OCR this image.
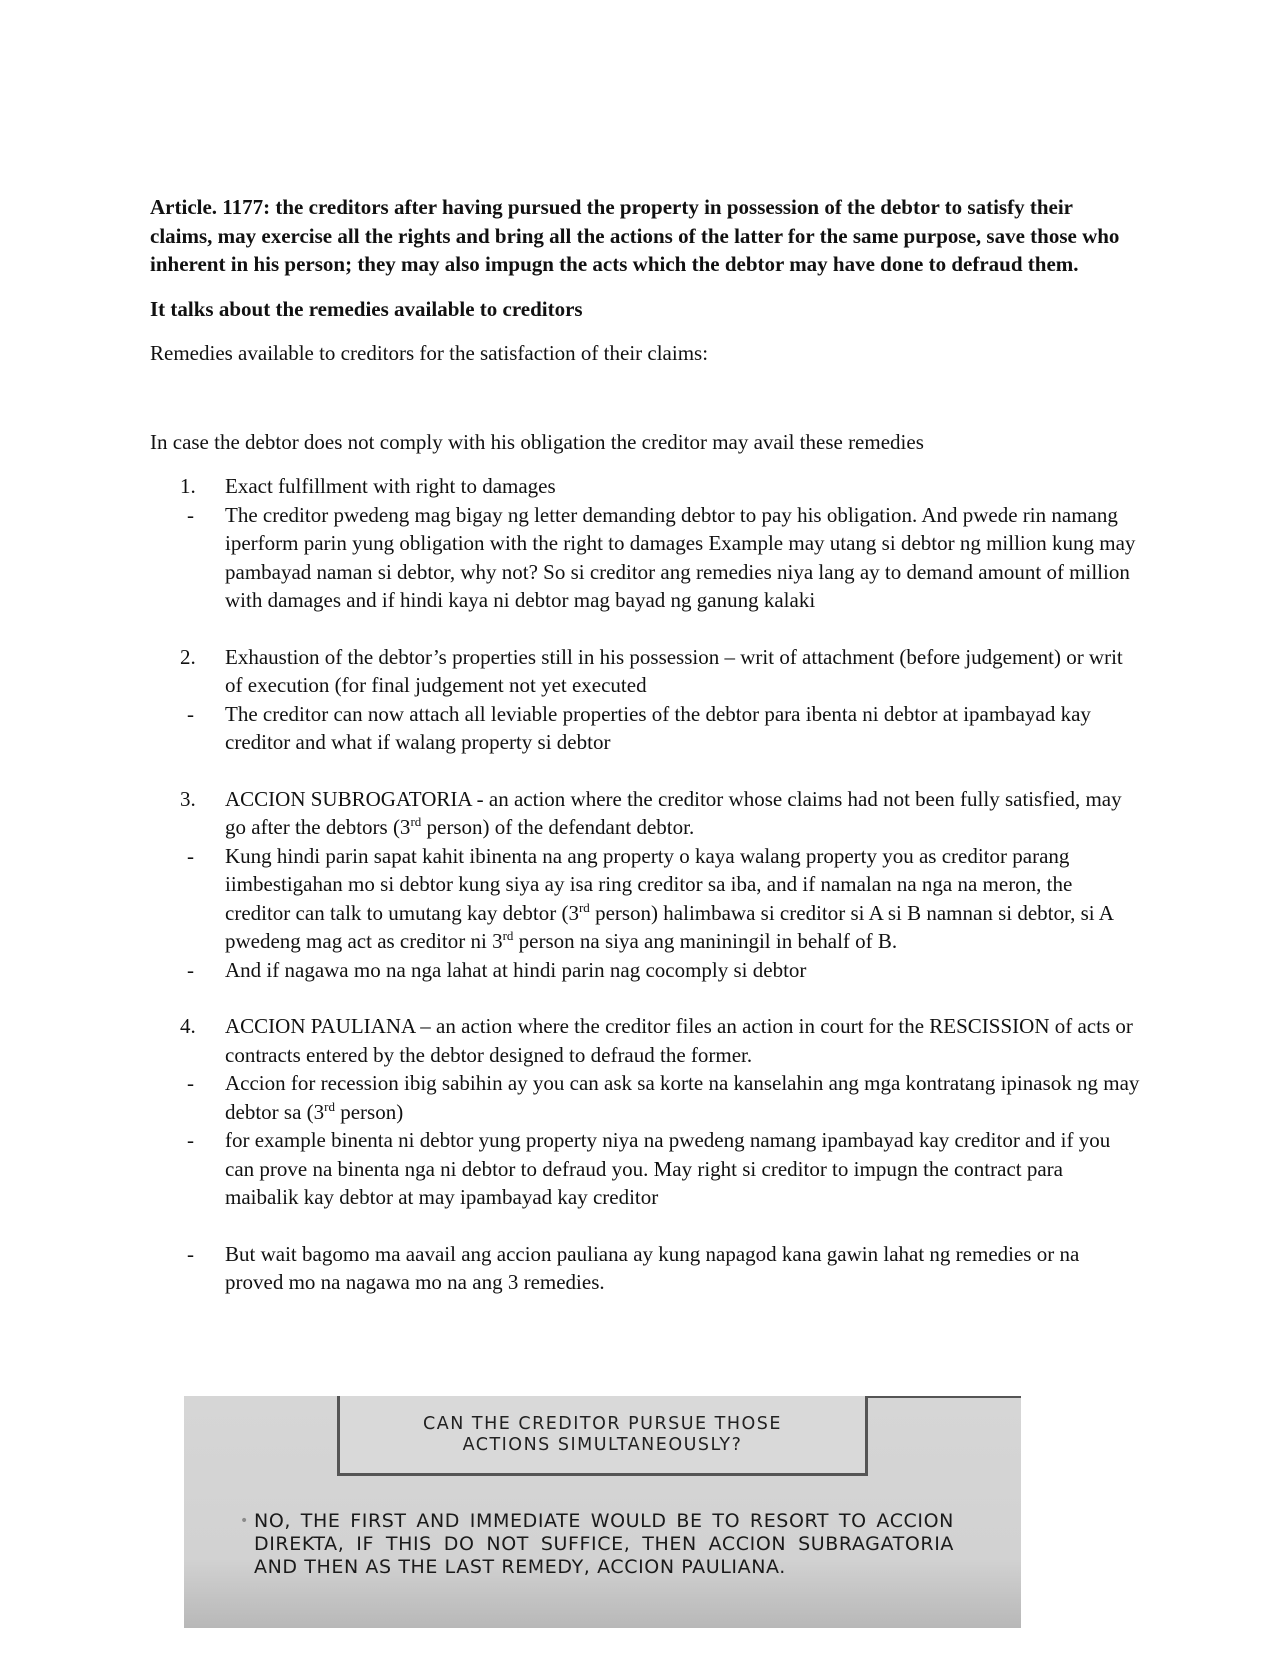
Article. 1177: the creditors after having pursued the property in possession of the debtor to satisfy their claims, may exercise all the rights and bring all the actions of the latter for the same purpose, save those who inherent in his person; they may also impugn the acts which the debtor may have done to defraud them.

It talks about the remedies available to creditors

Remedies available to creditors for the satisfaction of their claims:

In case the debtor does not comply with his obligation the creditor may avail these remedies

1.	Exact fulfillment with right to damages
-	The creditor pwedeng mag bigay ng letter demanding debtor to pay his obligation. And pwede rin namang iperform parin yung obligation with the right to damages Example may utang si debtor ng million kung may pambayad naman si debtor, why not? So si creditor ang remedies niya lang ay to demand amount of million with damages and if hindi kaya ni debtor mag bayad ng ganung kalaki
2.	Exhaustion of the debtor’s properties still in his possession – writ of attachment (before judgement) or writ of execution (for final judgement not yet executed
-	The creditor can now attach all leviable properties of the debtor para ibenta ni debtor at ipambayad kay creditor and what if walang property si debtor
3.	ACCION SUBROGATORIA - an action where the creditor whose claims had not been fully satisfied, may go after the debtors (3rd person) of the defendant debtor.
-	Kung hindi parin sapat kahit ibinenta na ang property o kaya walang property you as creditor parang iimbestigahan mo si debtor kung siya ay isa ring creditor sa iba, and if namalan na nga na meron, the creditor can talk to umutang kay debtor (3rd person) halimbawa si creditor si A si B namnan si debtor, si A pwedeng mag act as creditor ni 3rd person na siya ang maniningil in behalf of B.
-	And if nagawa mo na nga lahat at hindi parin nag cocomply si debtor
4.	ACCION PAULIANA – an action where the creditor files an action in court for the RESCISSION of acts or contracts entered by the debtor designed to defraud the former.
-	Accion for recession ibig sabihin ay you can ask sa korte na kanselahin ang mga kontratang ipinasok ng may debtor sa (3rd person)
-	for example binenta ni debtor yung property niya na pwedeng namang ipambayad kay creditor and if you can prove na binenta nga ni debtor to defraud you. May right si creditor to impugn the contract para maibalik kay debtor at may ipambayad kay creditor
-	But wait bagomo ma aavail ang accion pauliana ay kung napagod kana gawin lahat ng remedies or na proved mo na nagawa mo na ang 3 remedies.
CAN THE CREDITOR PURSUE THOSE ACTIONS SIMULTANEOUSLY?
• NO, THE FIRST AND IMMEDIATE WOULD BE TO RESORT TO ACCION DIREKTA, IF THIS DO NOT SUFFICE, THEN ACCION SUBRAGATORIA AND THEN AS THE LAST REMEDY, ACCION PAULIANA.
